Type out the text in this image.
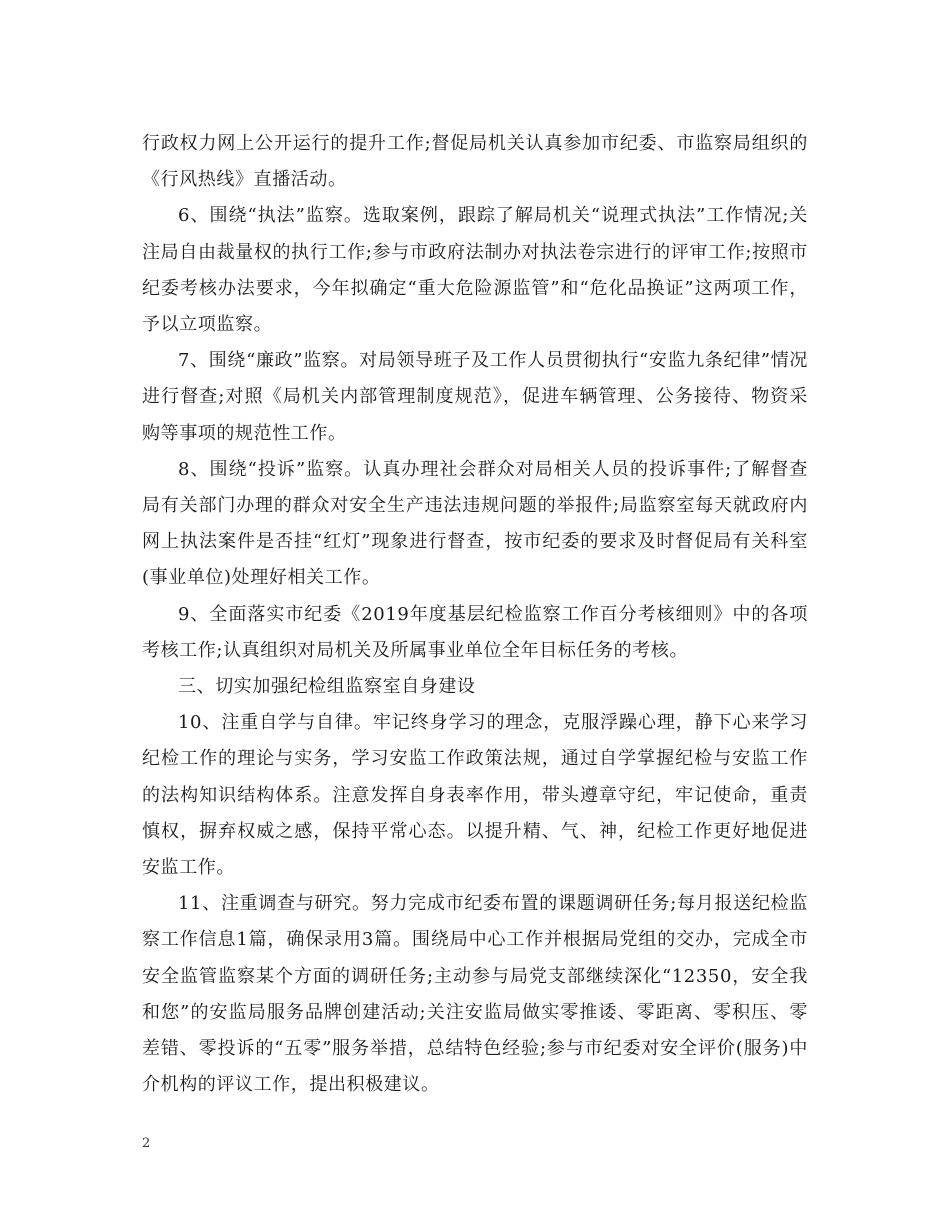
行政权力网上公开运行的提升工作;督促局机关认真参加市纪委、市监察局组织的《行风热线》直播活动。

6、围绕“执法”监察。选取案例，跟踪了解局机关“说理式执法”工作情况;关注局自由裁量权的执行工作;参与市政府法制办对执法卷宗进行的评审工作;按照市纪委考核办法要求，今年拟确定“重大危险源监管”和“危化品换证”这两项工作，予以立项监察。

7、围绕“廉政”监察。对局领导班子及工作人员贯彻执行“安监九条纪律”情况进行督查;对照《局机关内部管理制度规范》，促进车辆管理、公务接待、物资采购等事项的规范性工作。

8、围绕“投诉”监察。认真办理社会群众对局相关人员的投诉事件;了解督查局有关部门办理的群众对安全生产违法违规问题的举报件;局监察室每天就政府内网上执法案件是否挂“红灯”现象进行督查，按市纪委的要求及时督促局有关科室(事业单位)处理好相关工作。

9、全面落实市纪委《2019年度基层纪检监察工作百分考核细则》中的各项考核工作;认真组织对局机关及所属事业单位全年目标任务的考核。

三、切实加强纪检组监察室自身建设

10、注重自学与自律。牢记终身学习的理念，克服浮躁心理，静下心来学习纪检工作的理论与实务，学习安监工作政策法规，通过自学掌握纪检与安监工作的法构知识结构体系。注意发挥自身表率作用，带头遵章守纪，牢记使命，重责慎权，摒弃权威之感，保持平常心态。以提升精、气、神，纪检工作更好地促进安监工作。

11、注重调查与研究。努力完成市纪委布置的课题调研任务;每月报送纪检监察工作信息1篇，确保录用3篇。围绕局中心工作并根据局党组的交办，完成全市安全监管监察某个方面的调研任务;主动参与局党支部继续深化“12350，安全我和您”的安监局服务品牌创建活动;关注安监局做实零推诿、零距离、零积压、零差错、零投诉的“五零”服务举措，总结特色经验;参与市纪委对安全评价(服务)中介机构的评议工作，提出积极建议。

2
